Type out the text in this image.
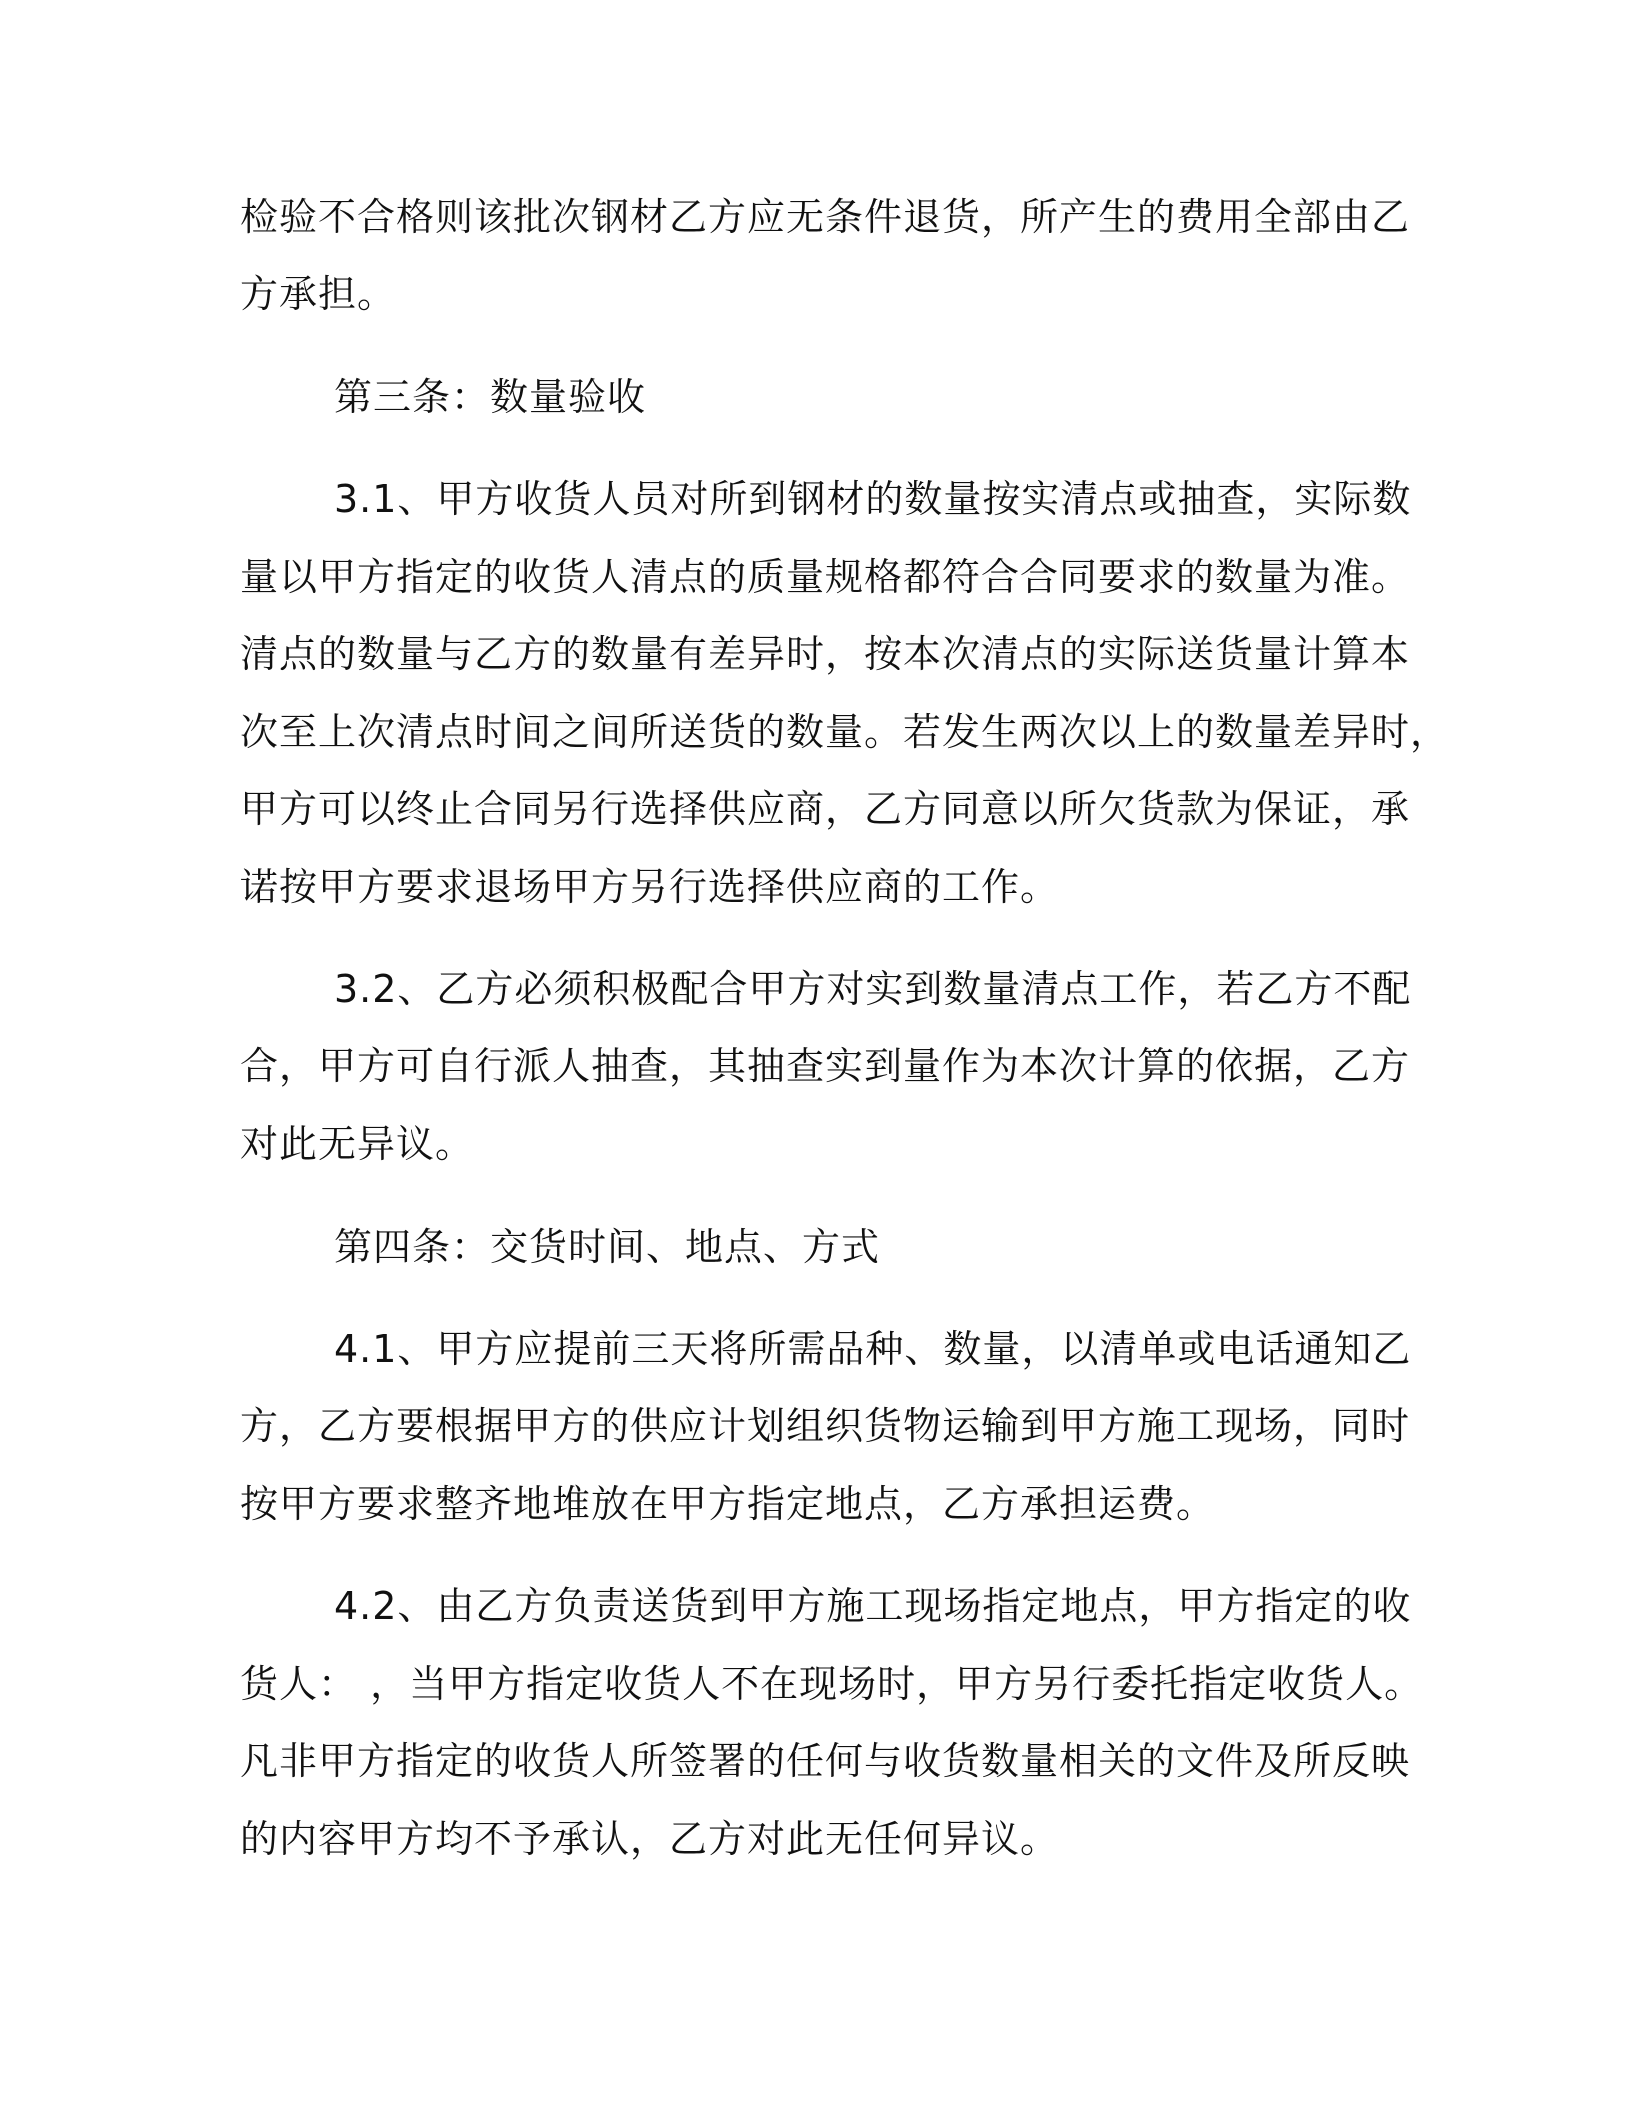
检验不合格则该批次钢材乙方应无条件退货，所产生的费用全部由乙
方承担。
第三条：数量验收
3.1、甲方收货人员对所到钢材的数量按实清点或抽查，实际数
量以甲方指定的收货人清点的质量规格都符合合同要求的数量为准。
清点的数量与乙方的数量有差异时，按本次清点的实际送货量计算本
次至上次清点时间之间所送货的数量。若发生两次以上的数量差异时，
甲方可以终止合同另行选择供应商，乙方同意以所欠货款为保证，承
诺按甲方要求退场甲方另行选择供应商的工作。
3.2、乙方必须积极配合甲方对实到数量清点工作，若乙方不配
合，甲方可自行派人抽查，其抽查实到量作为本次计算的依据，乙方
对此无异议。
第四条：交货时间、地点、方式
4.1、甲方应提前三天将所需品种、数量，以清单或电话通知乙
方，乙方要根据甲方的供应计划组织货物运输到甲方施工现场，同时
按甲方要求整齐地堆放在甲方指定地点，乙方承担运费。
4.2、由乙方负责送货到甲方施工现场指定地点，甲方指定的收
货人： ，当甲方指定收货人不在现场时，甲方另行委托指定收货人。
凡非甲方指定的收货人所签署的任何与收货数量相关的文件及所反映
的内容甲方均不予承认，乙方对此无任何异议。
